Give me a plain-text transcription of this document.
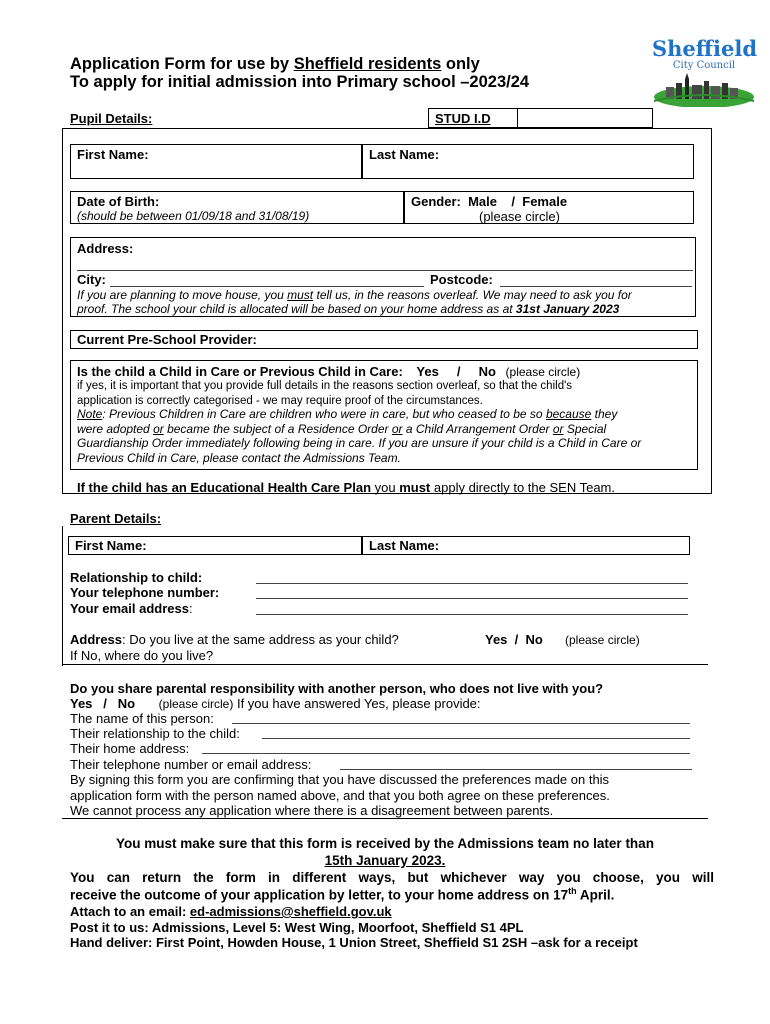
Application Form for use by Sheffield residents only
To apply for initial admission into Primary school –2023/24
Sheffield
City Council
Pupil Details:	STUD I.D
First Name:	Last Name:
Date of Birth:
(should be between 01/09/18 and 31/08/19)
Gender:  Male    /  Female
(please circle)
Address:
City:	Postcode:
If you are planning to move house, you must tell us, in the reasons overleaf. We may need to ask you for
proof. The school your child is allocated will be based on your home address as at 31st January 2023
Current Pre-School Provider:
Is the child a Child in Care or Previous Child in Care: Yes     /     No (please circle)
if yes, it is important that you provide full details in the reasons section overleaf, so that the child's
application is correctly categorised - we may require proof of the circumstances.
Note: Previous Children in Care are children who were in care, but who ceased to be so because they
were adopted or became the subject of a Residence Order or a Child Arrangement Order or Special
Guardianship Order immediately following being in care. If you are unsure if your child is a Child in Care or
Previous Child in Care, please contact the Admissions Team.
If the child has an Educational Health Care Plan you must apply directly to the SEN Team.
Parent Details:
First Name:	Last Name:
Relationship to child:
Your telephone number:
Your email address:
Address: Do you live at the same address as your child?	Yes  /  No (please circle)
If No, where do you live?
Do you share parental responsibility with another person, who does not live with you?
Yes   /   No (please circle) If you have answered Yes, please provide:
The name of this person:
Their relationship to the child:
Their home address:
Their telephone number or email address:
By signing this form you are confirming that you have discussed the preferences made on this
application form with the person named above, and that you both agree on these preferences.
We cannot process any application where there is a disagreement between parents.
You must make sure that this form is received by the Admissions team no later than
15th January 2023.
You can return the form in different ways, but whichever way you choose, you will
receive the outcome of your application by letter, to your home address on 17th April.
Attach to an email: ed-admissions@sheffield.gov.uk
Post it to us: Admissions, Level 5: West Wing, Moorfoot, Sheffield S1 4PL
Hand deliver: First Point, Howden House, 1 Union Street, Sheffield S1 2SH –ask for a receipt
